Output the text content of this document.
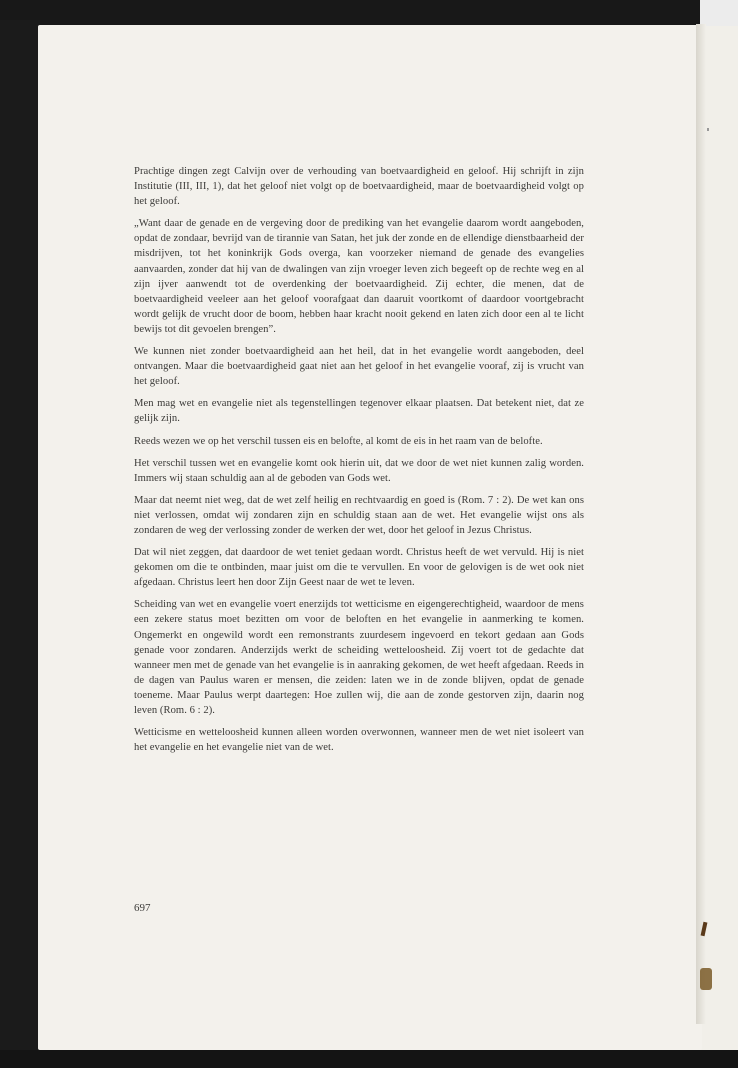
Prachtige dingen zegt Calvijn over de verhouding van boetvaardigheid en geloof. Hij schrijft in zijn Institutie (III, III, 1), dat het geloof niet volgt op de boetvaardigheid, maar de boetvaardigheid volgt op het geloof.

„Want daar de genade en de vergeving door de prediking van het evangelie daarom wordt aangeboden, opdat de zondaar, bevrijd van de tirannie van Satan, het juk der zonde en de ellendige dienstbaarheid der misdrijven, tot het koninkrijk Gods overga, kan voorzeker niemand de genade des evangelies aanvaarden, zonder dat hij van de dwalingen van zijn vroeger leven zich begeeft op de rechte weg en al zijn ijver aanwendt tot de overdenking der boetvaardigheid. Zij echter, die menen, dat de boetvaardigheid veeleer aan het geloof voorafgaat dan daaruit voortkomt of daardoor voortgebracht wordt gelijk de vrucht door de boom, hebben haar kracht nooit gekend en laten zich door een al te licht bewijs tot dit gevoelen brengen”.

We kunnen niet zonder boetvaardigheid aan het heil, dat in het evangelie wordt aangeboden, deel ontvangen. Maar die boetvaardigheid gaat niet aan het geloof in het evangelie vooraf, zij is vrucht van het geloof.

Men mag wet en evangelie niet als tegenstellingen tegenover elkaar plaatsen. Dat betekent niet, dat ze gelijk zijn.

Reeds wezen we op het verschil tussen eis en belofte, al komt de eis in het raam van de belofte.

Het verschil tussen wet en evangelie komt ook hierin uit, dat we door de wet niet kunnen zalig worden. Immers wij staan schuldig aan al de geboden van Gods wet.

Maar dat neemt niet weg, dat de wet zelf heilig en rechtvaardig en goed is (Rom. 7 : 2). De wet kan ons niet verlossen, omdat wij zondaren zijn en schuldig staan aan de wet. Het evangelie wijst ons als zondaren de weg der verlossing zonder de werken der wet, door het geloof in Jezus Christus.

Dat wil niet zeggen, dat daardoor de wet teniet gedaan wordt. Christus heeft de wet vervuld. Hij is niet gekomen om die te ontbinden, maar juist om die te vervullen. En voor de gelovigen is de wet ook niet afgedaan. Christus leert hen door Zijn Geest naar de wet te leven.

Scheiding van wet en evangelie voert enerzijds tot wetticisme en eigengerechtigheid, waardoor de mens een zekere status moet bezitten om voor de beloften en het evangelie in aanmerking te komen. Ongemerkt en ongewild wordt een remonstrants zuurdesem ingevoerd en tekort gedaan aan Gods genade voor zondaren. Anderzijds werkt de scheiding wetteloosheid. Zij voert tot de gedachte dat wanneer men met de genade van het evangelie is in aanraking gekomen, de wet heeft afgedaan. Reeds in de dagen van Paulus waren er mensen, die zeiden: laten we in de zonde blijven, opdat de genade toeneme. Maar Paulus werpt daartegen: Hoe zullen wij, die aan de zonde gestorven zijn, daarin nog leven (Rom. 6 : 2).

Wetticisme en wetteloosheid kunnen alleen worden overwonnen, wanneer men de wet niet isoleert van het evangelie en het evangelie niet van de wet.

697
